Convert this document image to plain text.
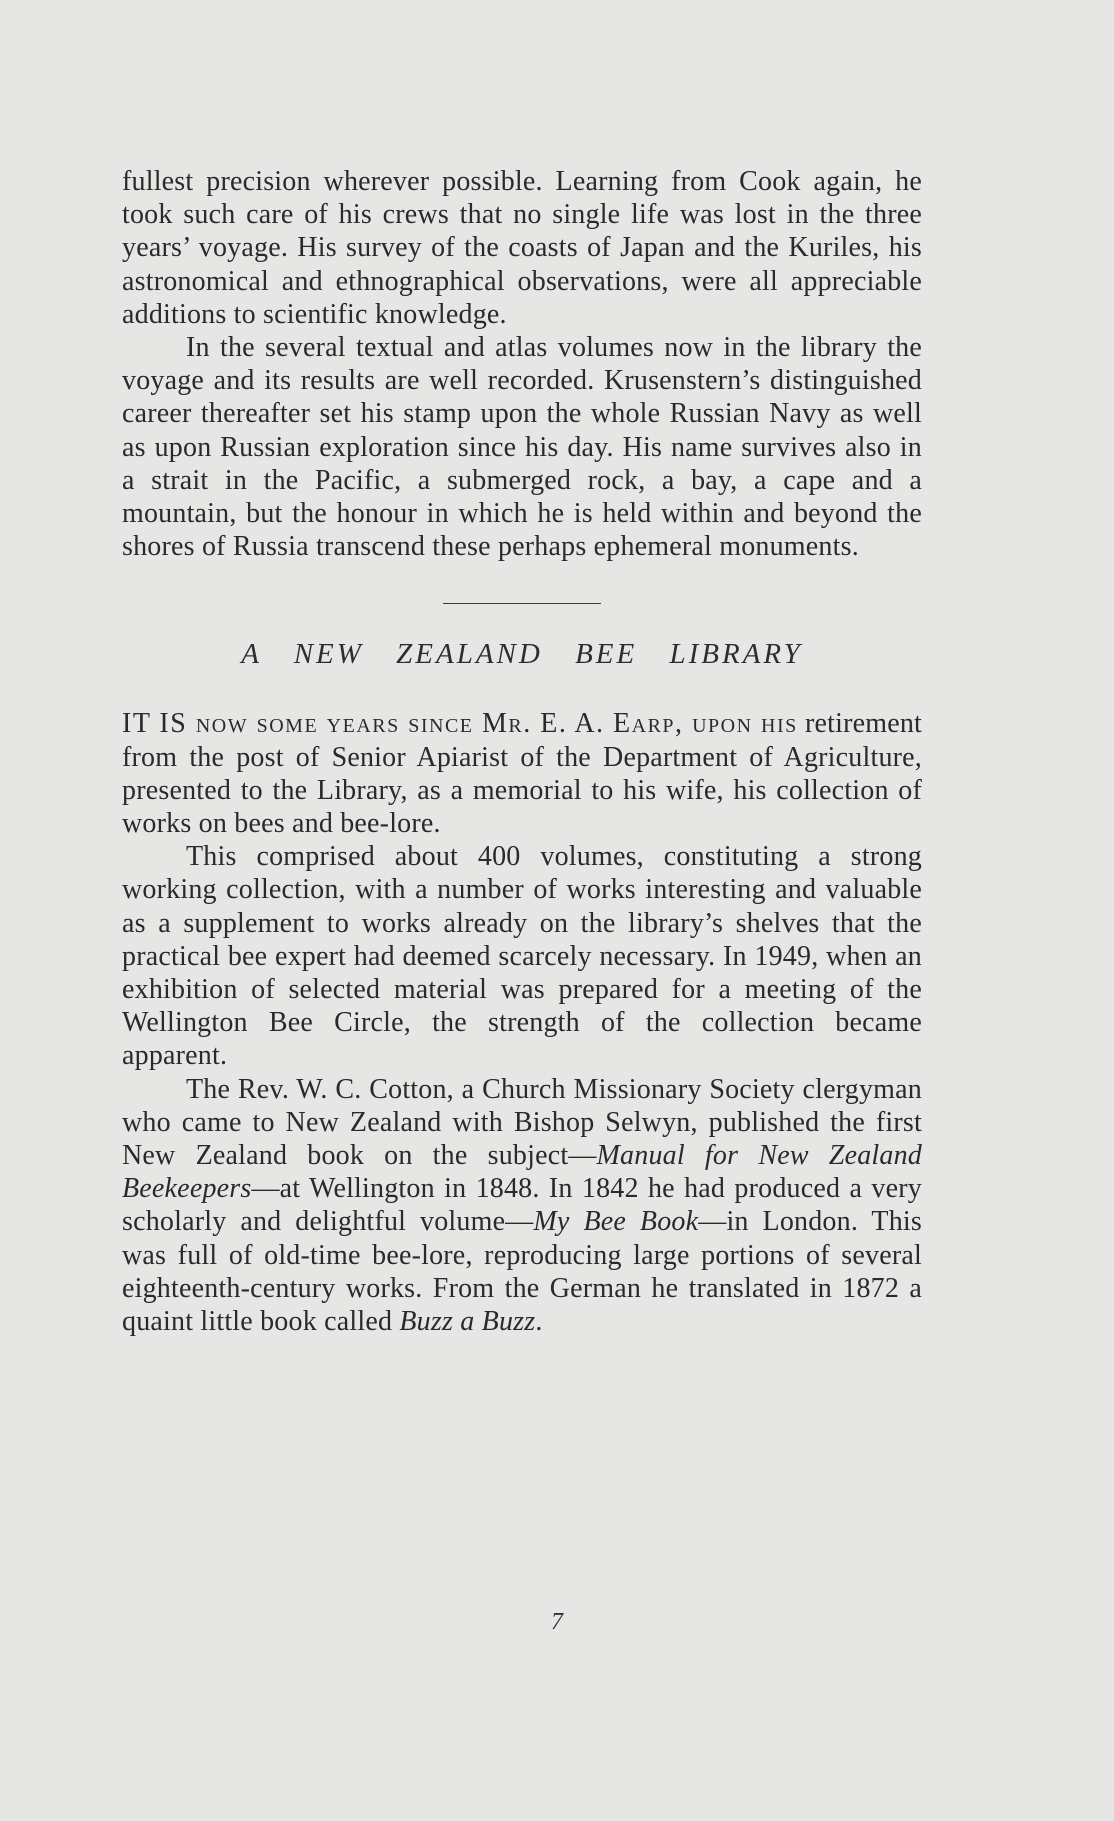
fullest precision wherever possible. Learning from Cook again, he took such care of his crews that no single life was lost in the three years’ voyage. His survey of the coasts of Japan and the Kuriles, his astronomical and ethnographical observations, were all appreciable additions to scientific knowledge.

In the several textual and atlas volumes now in the library the voyage and its results are well recorded. Krusenstern’s distinguished career thereafter set his stamp upon the whole Russian Navy as well as upon Russian exploration since his day. His name survives also in a strait in the Pacific, a submerged rock, a bay, a cape and a mountain, but the honour in which he is held within and beyond the shores of Russia transcend these perhaps ephemeral monuments.

A NEW ZEALAND BEE LIBRARY

IT IS now some years since Mr. E. A. Earp, upon his retirement from the post of Senior Apiarist of the Department of Agriculture, presented to the Library, as a memorial to his wife, his collection of works on bees and bee-lore.

This comprised about 400 volumes, constituting a strong working collection, with a number of works interesting and valuable as a supplement to works already on the library’s shelves that the practical bee expert had deemed scarcely necessary. In 1949, when an exhibition of selected material was prepared for a meeting of the Wellington Bee Circle, the strength of the collection became apparent.

The Rev. W. C. Cotton, a Church Missionary Society clergyman who came to New Zealand with Bishop Selwyn, published the first New Zealand book on the subject—Manual for New Zealand Beekeepers—at Wellington in 1848. In 1842 he had produced a very scholarly and delightful volume—My Bee Book—in London. This was full of old-time bee-lore, reproducing large portions of several eighteenth-century works. From the German he translated in 1872 a quaint little book called Buzz a Buzz.

7
